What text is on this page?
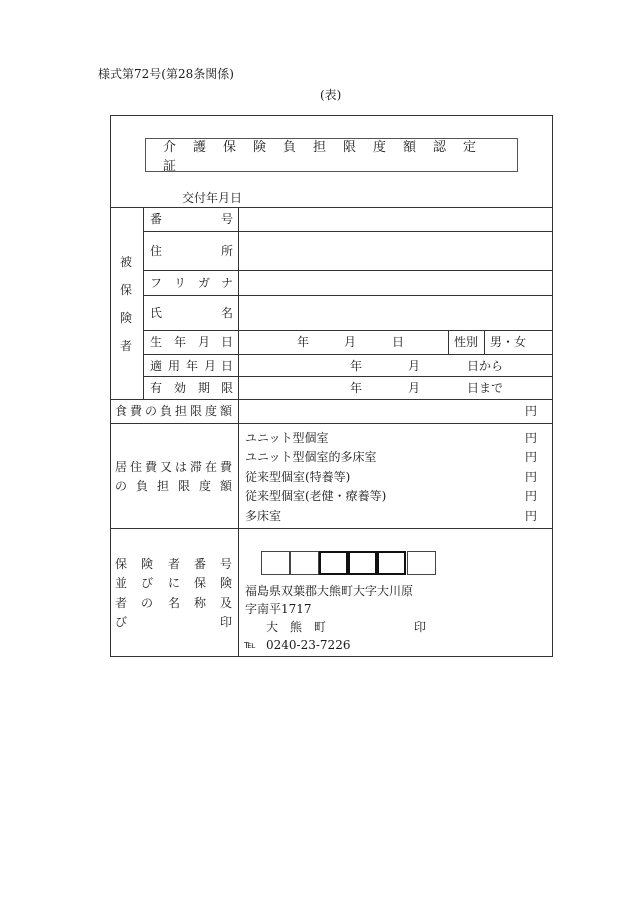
様式第72号(第28条関係)
(表)
介護保険負担限度額認定証
交付年月日
被
保
険
者
番	号
住	所
フ リ ガ ナ
氏	名
生 年 月 日	年	月	日	性別 男・女
適 用 年 月 日	年	月	日から
有 効 期 限	年	月	日まで
食 費 の 負 担 限 度 額	円
居 住 費 又 は 滞 在 費
の 負 担 限 度 額
ユニット型個室	円
ユニット型個室的多床室	円
従来型個室(特養等)	円
従来型個室(老健・療養等)	円
多床室	円
保 険 者 番 号
並 び に 保 険
者 の 名 称 及
び	印
福島県双葉郡大熊町大字大川原
字南平1717
大　熊　町	印
℡ 0240-23-7226
